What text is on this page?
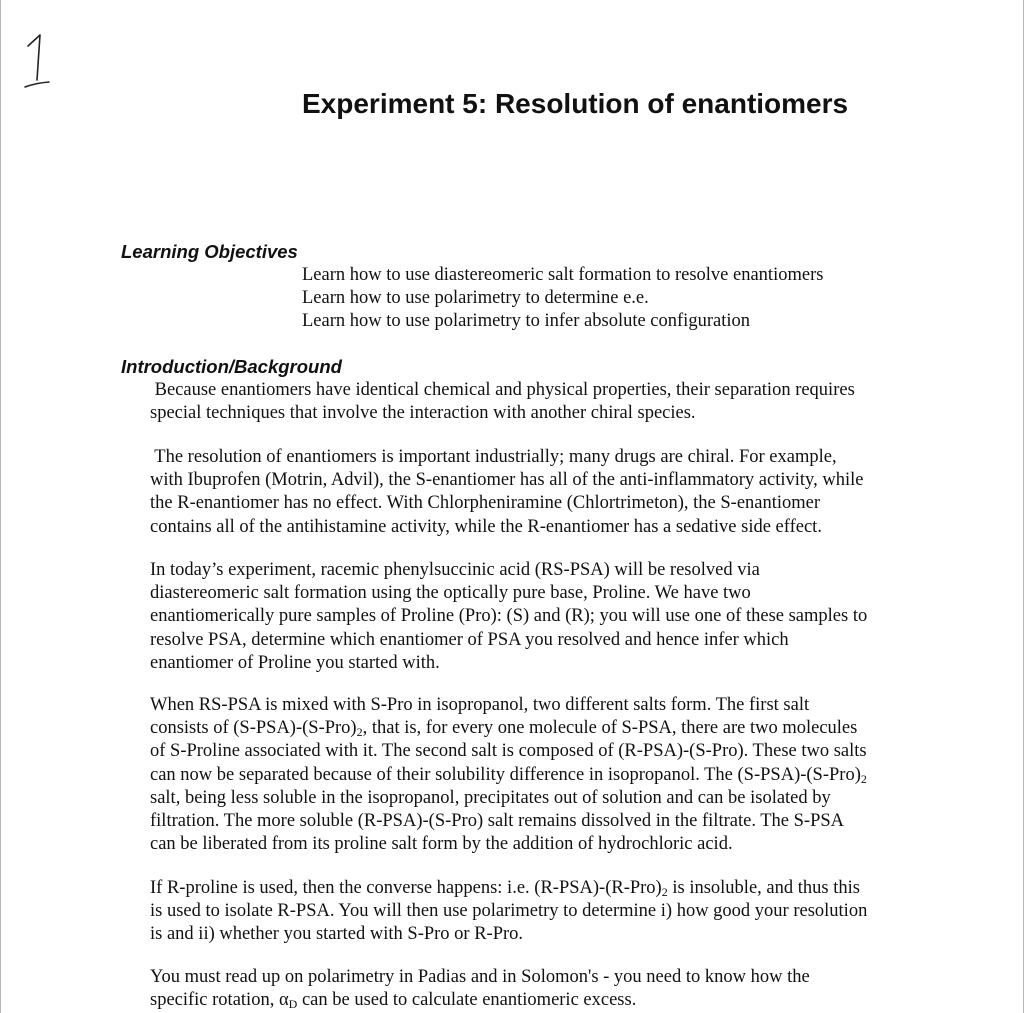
Experiment 5: Resolution of enantiomers
Learning Objectives
Learn how to use diastereomeric salt formation to resolve enantiomers
Learn how to use polarimetry to determine e.e.
Learn how to use polarimetry to infer absolute configuration
Introduction/Background

Because enantiomers have identical chemical and physical properties, their separation requires
special techniques that involve the interaction with another chiral species.

The resolution of enantiomers is important industrially; many drugs are chiral. For example,
with Ibuprofen (Motrin, Advil), the S-enantiomer has all of the anti-inflammatory activity, while
the R-enantiomer has no effect. With Chlorpheniramine (Chlortrimeton), the S-enantiomer
contains all of the antihistamine activity, while the R-enantiomer has a sedative side effect.

In today’s experiment, racemic phenylsuccinic acid (RS-PSA) will be resolved via
diastereomeric salt formation using the optically pure base, Proline. We have two
enantiomerically pure samples of Proline (Pro): (S) and (R); you will use one of these samples to
resolve PSA, determine which enantiomer of PSA you resolved and hence infer which
enantiomer of Proline you started with.

When RS-PSA is mixed with S-Pro in isopropanol, two different salts form. The first salt
consists of $(S-PSA)-(S-Pro)_2$, that is, for every one molecule of S-PSA, there are two molecules
of S-Proline associated with it. The second salt is composed of (R-PSA)-(S-Pro). These two salts
can now be separated because of their solubility difference in isopropanol. The $(S-PSA)-(S-Pro)_2$
salt, being less soluble in the isopropanol, precipitates out of solution and can be isolated by
filtration. The more soluble (R-PSA)-(S-Pro) salt remains dissolved in the filtrate. The S-PSA
can be liberated from its proline salt form by the addition of hydrochloric acid.

If R-proline is used, then the converse happens: i.e. $(R-PSA)-(R-Pro)_2$ is insoluble, and thus this
is used to isolate R-PSA. You will then use polarimetry to determine i) how good your resolution
is and ii) whether you started with S-Pro or R-Pro.

You must read up on polarimetry in Padias and in Solomon's - you need to know how the
specific rotation, $\alpha_D$ can be used to calculate enantiomeric excess.
